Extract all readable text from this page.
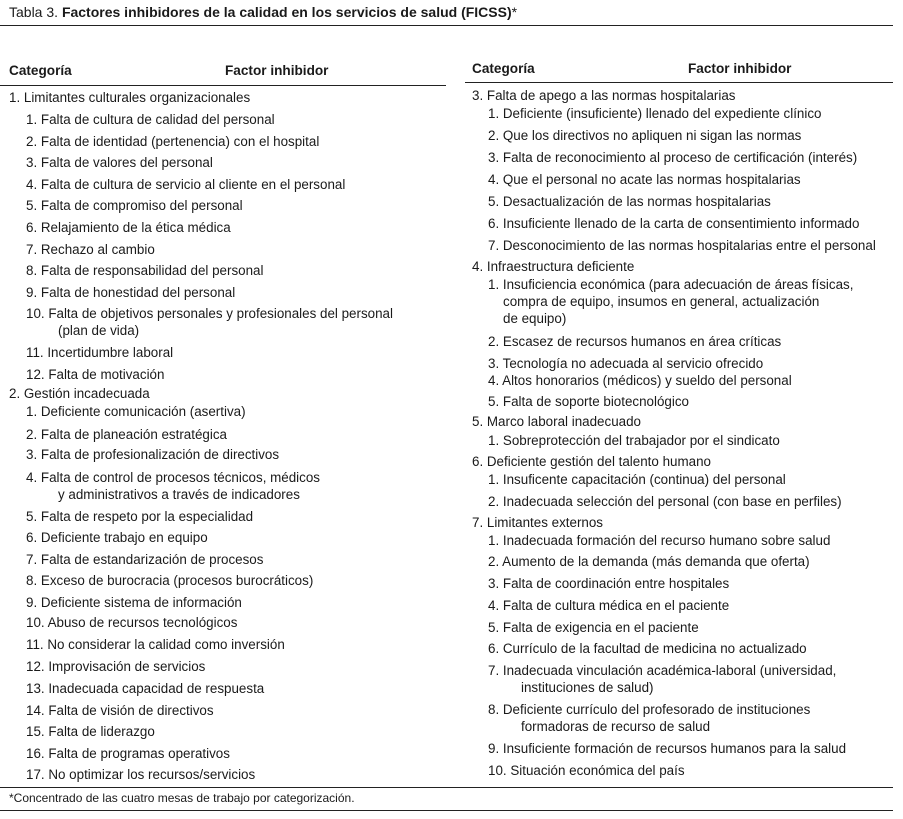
Tabla 3. Factores inhibidores de la calidad en los servicios de salud (FICSS)*
Categoría	Factor inhibidor	Categoría	Factor inhibidor
1. Limitantes culturales organizacionales
1. Falta de cultura de calidad del personal
2. Falta de identidad (pertenencia) con el hospital
3. Falta de valores del personal
4. Falta de cultura de servicio al cliente en el personal
5. Falta de compromiso del personal
6. Relajamiento de la ética médica
7. Rechazo al cambio
8. Falta de responsabilidad del personal
9. Falta de honestidad del personal
10. Falta de objetivos personales y profesionales del personal
(plan de vida)
11. Incertidumbre laboral
12. Falta de motivación
2. Gestión incadecuada
1. Deficiente comunicación (asertiva)
2. Falta de planeación estratégica
3. Falta de profesionalización de directivos
4. Falta de control de procesos técnicos, médicos
y administrativos a través de indicadores
5. Falta de respeto por la especialidad
6. Deficiente trabajo en equipo
7. Falta de estandarización de procesos
8. Exceso de burocracia (procesos burocráticos)
9. Deficiente sistema de información
10. Abuso de recursos tecnológicos
11. No considerar la calidad como inversión
12. Improvisación de servicios
13. Inadecuada capacidad de respuesta
14. Falta de visión de directivos
15. Falta de liderazgo
16. Falta de programas operativos
17. No optimizar los recursos/servicios
3. Falta de apego a las normas hospitalarias
1. Deficiente (insuficiente) llenado del expediente clínico
2. Que los directivos no apliquen ni sigan las normas
3. Falta de reconocimiento al proceso de certificación (interés)
4. Que el personal no acate las normas hospitalarias
5. Desactualización de las normas hospitalarias
6. Insuficiente llenado de la carta de consentimiento informado
7. Desconocimiento de las normas hospitalarias entre el personal
4. Infraestructura deficiente
1. Insuficiencia económica (para adecuación de áreas físicas,
compra de equipo, insumos en general, actualización
de equipo)
2. Escasez de recursos humanos en área críticas
3. Tecnología no adecuada al servicio ofrecido
4. Altos honorarios (médicos) y sueldo del personal
5. Falta de soporte biotecnológico
5. Marco laboral inadecuado
1. Sobreprotección del trabajador por el sindicato
6. Deficiente gestión del talento humano
1. Insuficente capacitación (continua) del personal
2. Inadecuada selección del personal (con base en perfiles)
7. Limitantes externos
1. Inadecuada formación del recurso humano sobre salud
2. Aumento de la demanda (más demanda que oferta)
3. Falta de coordinación entre hospitales
4. Falta de cultura médica en el paciente
5. Falta de exigencia en el paciente
6. Currículo de la facultad de medicina no actualizado
7. Inadecuada vinculación académica-laboral (universidad,
instituciones de salud)
8. Deficiente currículo del profesorado de instituciones
formadoras de recurso de salud
9. Insuficiente formación de recursos humanos para la salud
10. Situación económica del país
*Concentrado de las cuatro mesas de trabajo por categorización.
